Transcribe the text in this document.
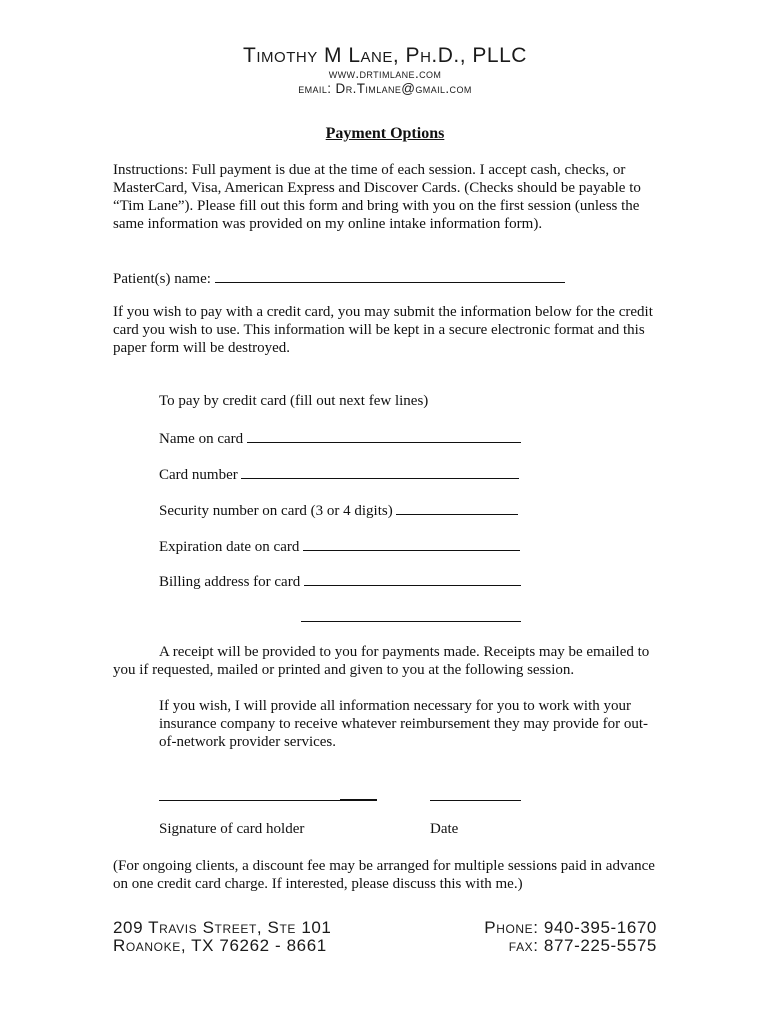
Timothy M Lane, Ph.D., PLLC
www.drtimlane.com
email: Dr.Timlane@gmail.com
Payment Options
Instructions: Full payment is due at the time of each session. I accept cash, checks, or MasterCard, Visa, American Express and Discover Cards. (Checks should be payable to “Tim Lane”). Please fill out this form and bring with you on the first session (unless the same information was provided on my online intake information form).
Patient(s) name:
If you wish to pay with a credit card, you may submit the information below for the credit card you wish to use. This information will be kept in a secure electronic format and this paper form will be destroyed.
To pay by credit card (fill out next few lines)
Name on card
Card number
Security number on card (3 or 4 digits)
Expiration date on card
Billing address for card
A receipt will be provided to you for payments made. Receipts may be emailed to you if requested, mailed or printed and given to you at the following session.
If you wish, I will provide all information necessary for you to work with your insurance company to receive whatever reimbursement they may provide for out-of-network provider services.
Signature of card holder	Date
(For ongoing clients, a discount fee may be arranged for multiple sessions paid in advance on one credit card charge. If interested, please discuss this with me.)
209 Travis Street, Ste 101
Roanoke, TX 76262 - 8661
Phone: 940-395-1670
fax: 877-225-5575
